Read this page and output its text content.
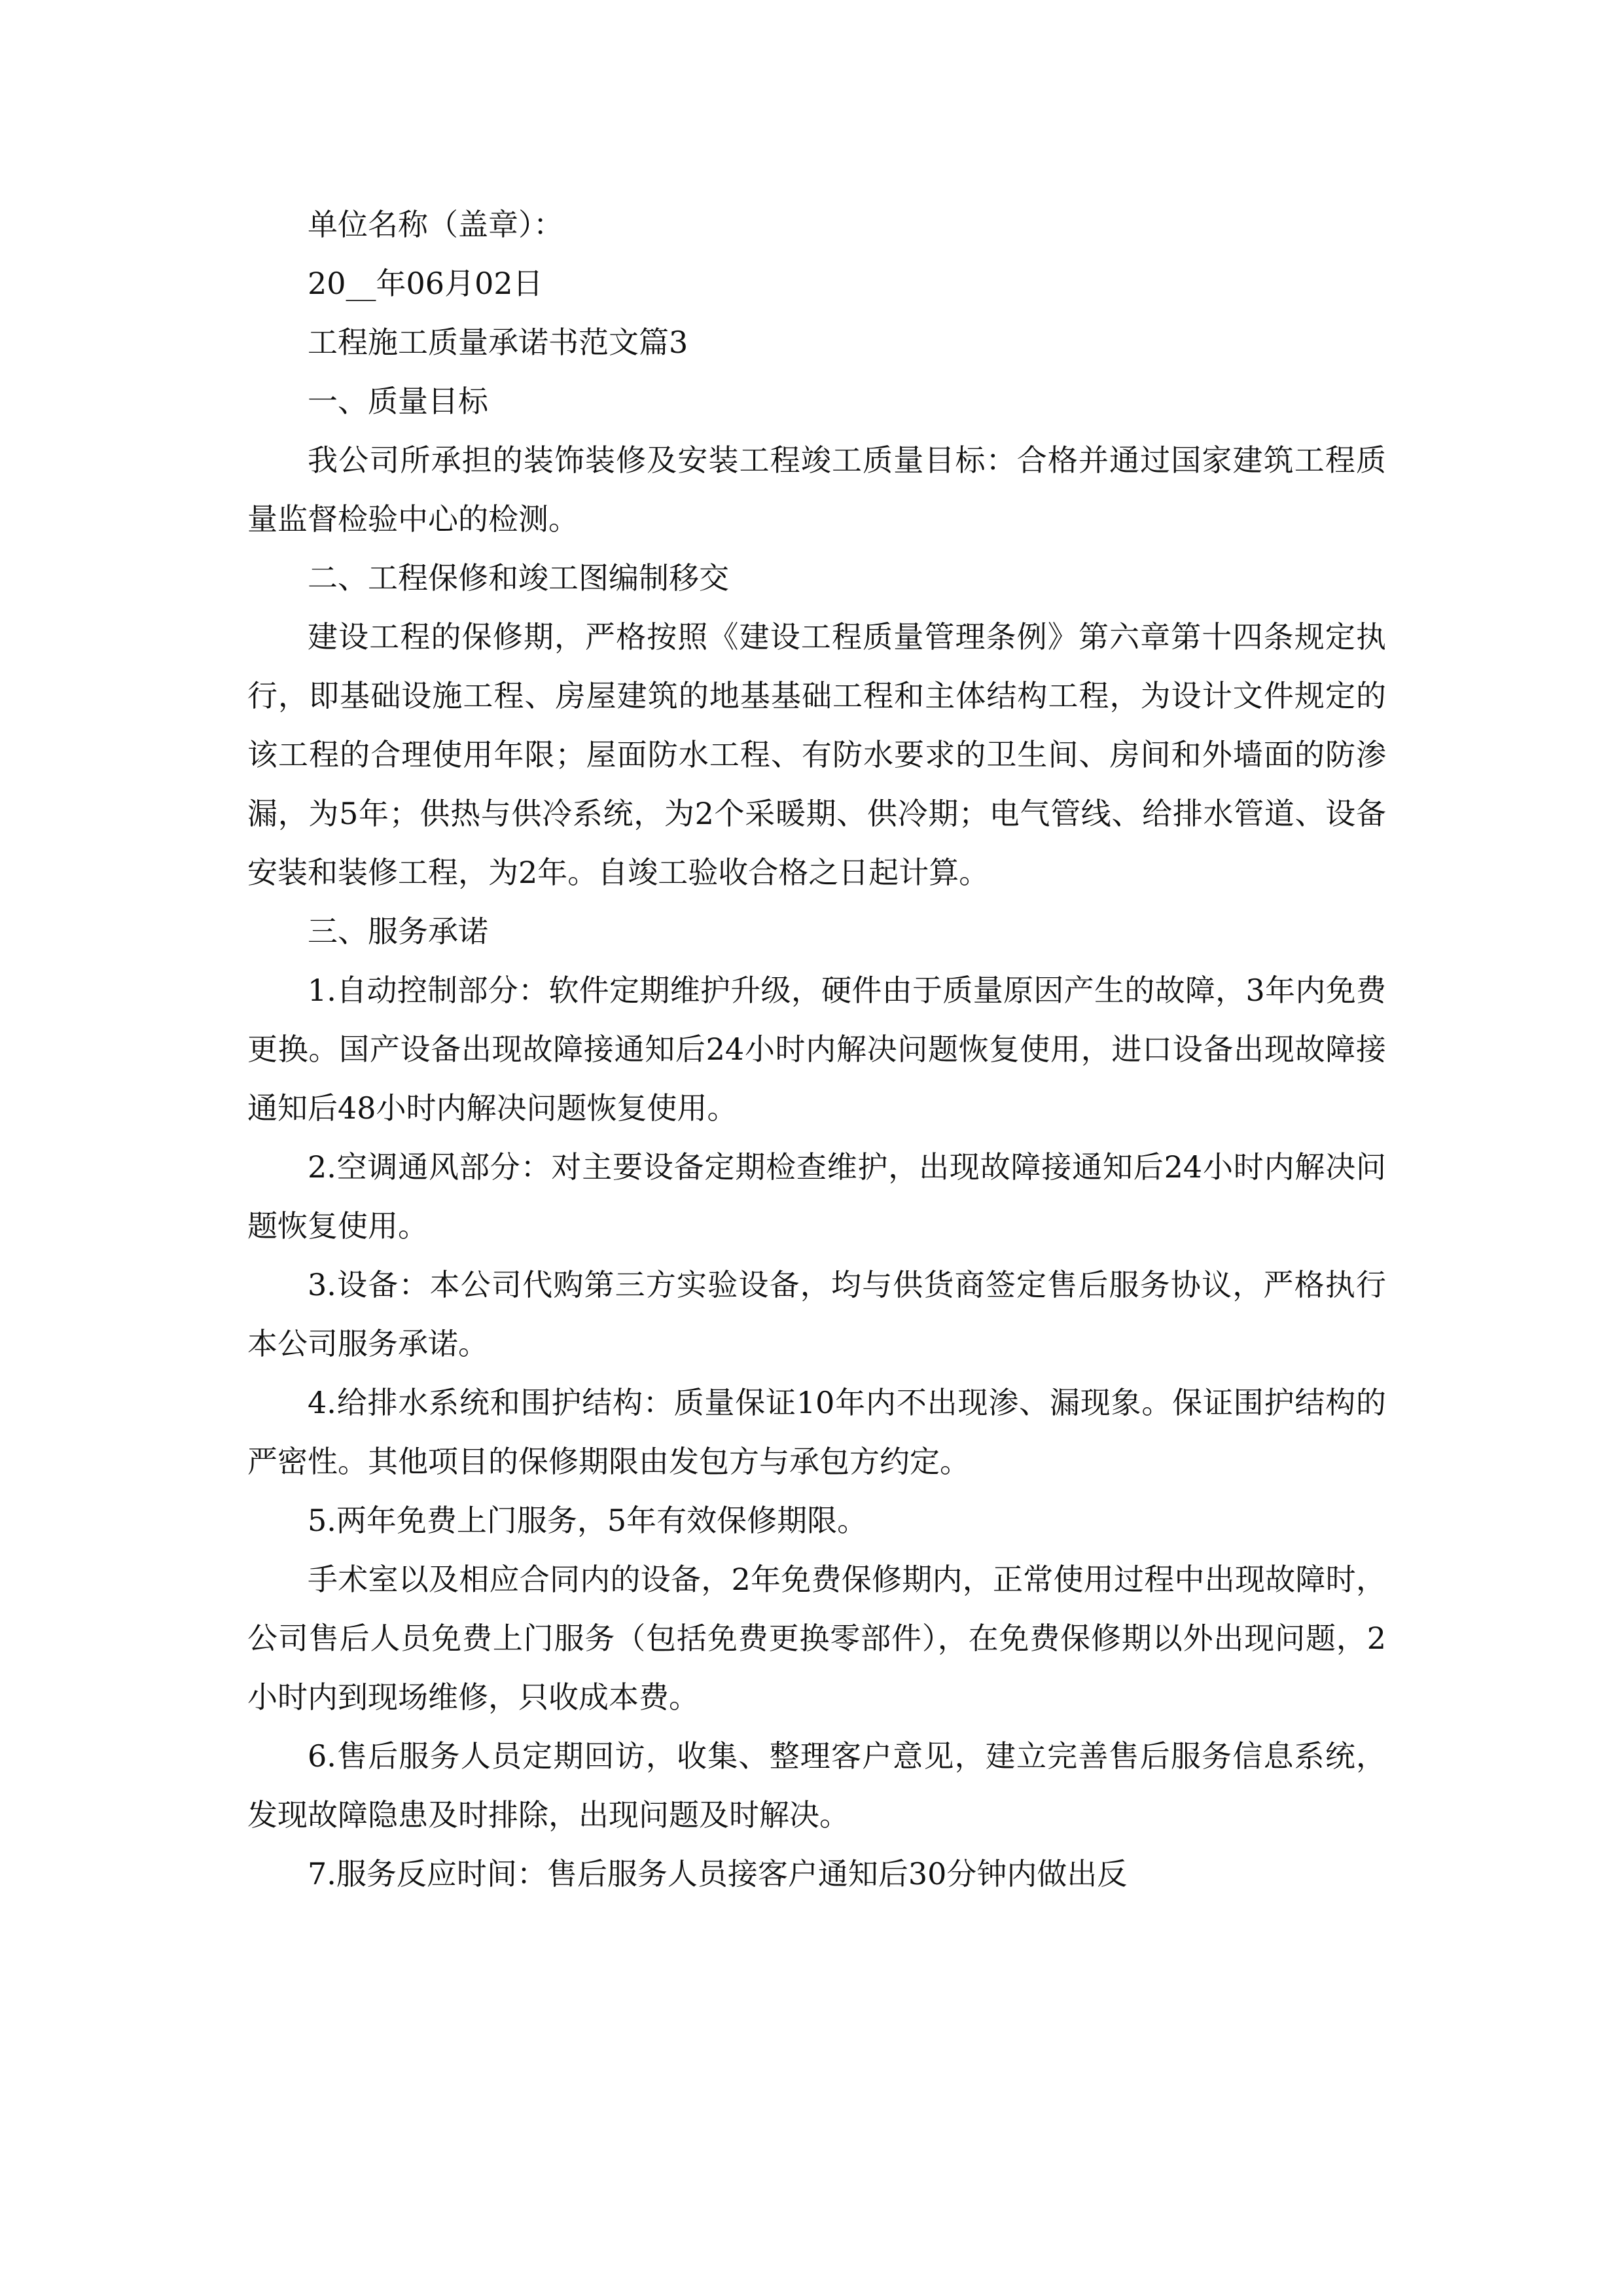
单位名称（盖章）：

20__年06月02日

工程施工质量承诺书范文篇3

一、质量目标

我公司所承担的装饰装修及安装工程竣工质量目标：合格并通过国家建筑工程质量监督检验中心的检测。

二、工程保修和竣工图编制移交

建设工程的保修期，严格按照《建设工程质量管理条例》第六章第十四条规定执行，即基础设施工程、房屋建筑的地基基础工程和主体结构工程，为设计文件规定的该工程的合理使用年限；屋面防水工程、有防水要求的卫生间、房间和外墙面的防渗漏，为5年；供热与供冷系统，为2个采暖期、供冷期；电气管线、给排水管道、设备安装和装修工程，为2年。自竣工验收合格之日起计算。

三、服务承诺

1.自动控制部分：软件定期维护升级，硬件由于质量原因产生的故障，3年内免费更换。国产设备出现故障接通知后24小时内解决问题恢复使用，进口设备出现故障接通知后48小时内解决问题恢复使用。

2.空调通风部分：对主要设备定期检查维护，出现故障接通知后24小时内解决问题恢复使用。

3.设备：本公司代购第三方实验设备，均与供货商签定售后服务协议，严格执行本公司服务承诺。

4.给排水系统和围护结构：质量保证10年内不出现渗、漏现象。保证围护结构的严密性。其他项目的保修期限由发包方与承包方约定。

5.两年免费上门服务，5年有效保修期限。

手术室以及相应合同内的设备，2年免费保修期内，正常使用过程中出现故障时，公司售后人员免费上门服务（包括免费更换零部件），在免费保修期以外出现问题，2小时内到现场维修，只收成本费。

6.售后服务人员定期回访，收集、整理客户意见，建立完善售后服务信息系统，发现故障隐患及时排除，出现问题及时解决。

7.服务反应时间：售后服务人员接客户通知后30分钟内做出反
